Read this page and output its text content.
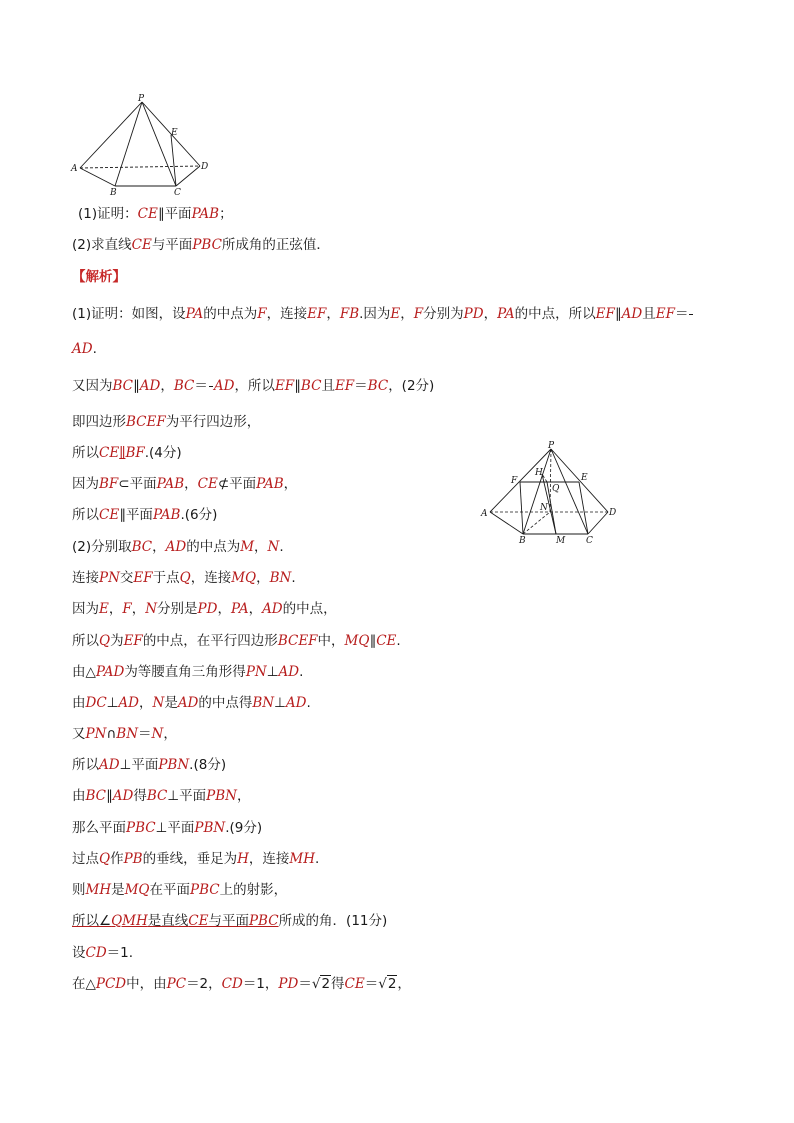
P
E
A	D
B	C
P
H	E
F
Q
A
N	D
B	M C
(1)证明：CE∥平面PAB；
(2)求直线CE与平面PBC所成角的正弦值．
【解析】
(1)证明：如图，设PA的中点为F，连接EF，FB.因为E，F分别为PD，PA的中点，所以EF∥AD且EF＝
AD.
又因为BC∥AD，BC＝ AD，所以EF∥BC且EF＝BC，(2分)
即四边形BCEF为平行四边形，
所以CE∥BF.(4分)
因为BF⊂平面PAB，CE⊄平面PAB，
所以CE∥平面PAB.(6分)
(2)分别取BC，AD的中点为M，N.
连接PN交EF于点Q，连接MQ，BN.
因为E，F，N分别是PD，PA，AD的中点，
所以Q为EF的中点，在平行四边形BCEF中，MQ∥CE.
由△PAD为等腰直角三角形得PN⊥AD.
由DC⊥AD，N是AD的中点得BN⊥AD.
又PN∩BN＝N，
所以AD⊥平面PBN.(8分)
由BC∥AD得BC⊥平面PBN，
那么平面PBC⊥平面PBN.(9分)
过点Q作PB的垂线，垂足为H，连接MH.
则MH是MQ在平面PBC上的射影，
所以∠QMH是直线CE与平面PBC所成的角．(11分)
设CD＝1.
在△PCD中，由PC＝2，CD＝1，PD＝√2得CE＝√2，
